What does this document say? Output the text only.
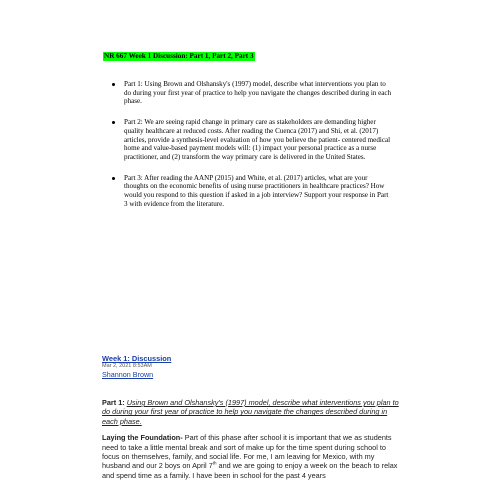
NR 667 Week 1 Discussion: Part 1, Part 2, Part 3
Part 1: Using Brown and Olshansky's (1997) model, describe what interventions you plan to do during your first year of practice to help you navigate the changes described during in each phase.
Part 2: We are seeing rapid change in primary care as stakeholders are demanding higher quality healthcare at reduced costs. After reading the Cuenca (2017) and Shi, et al. (2017) articles, provide a synthesis-level evaluation of how you believe the patient- centered medical home and value-based payment models will: (1) impact your personal practice as a nurse practitioner, and (2) transform the way primary care is delivered in the United States.
Part 3: After reading the AANP (2015) and White, et al. (2017) articles, what are your thoughts on the economic benefits of using nurse practitioners in healthcare practices? How would you respond to this question if asked in a job interview? Support your response in Part 3 with evidence from the literature.
Week 1: Discussion
Mar 2, 2021 8:53AM
Shannon Brown

Part 1: Using Brown and Olshansky's (1997) model, describe what interventions you plan to do during your first year of practice to help you navigate the changes described during in each phase.

Laying the Foundation- Part of this phase after school it is important that we as students need to take a little mental break and sort of make up for the time spent during school to focus on themselves, family, and social life. For me, I am leaving for Mexico, with my husband and our 2 boys on April 7th and we are going to enjoy a week on the beach to relax and spend time as a family. I have been in school for the past 4 years
